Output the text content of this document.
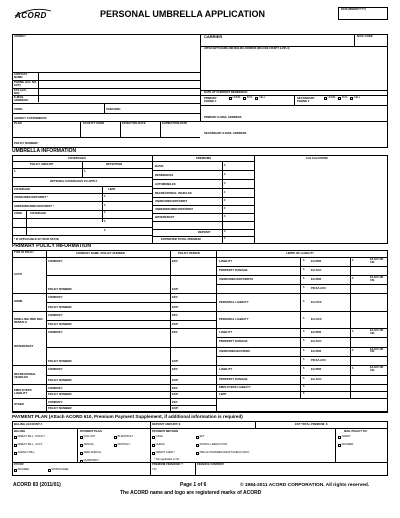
ACORD	PERSONAL UMBRELLA APPLICATION	DATE (MM/DD/YYYY)
AGENCY
CONTACT NAME:
PHONE (A/C, NO, EXT):
FAX (A/C, NO):
E-MAIL ADDRESS:
CODE:	SUBCODE:
AGENCY CUSTOMER ID:
PLAN	FACILITY CODE	EFFECTIVE DATE	EXPIRATION DATE
POLICY NUMBER:
CARRIER	NAIC CODE
APPLICANT'S NAME AND MAILING ADDRESS (INCLUDE COUNTY & ZIP+4)
DATE AT CURRENT RESIDENCE:
PRIMARY PHONE #
HOME	BUS	CELL	SECONDARY PHONE #
HOME	BUS	CELL
PRIMARY E-MAIL ADDRESS
SECONDARY E-MAIL ADDRESS
UMBRELLA INFORMATION
COVERAGES	PREMIUMS	CALCULATIONS
POLICY AMOUNT	RETENTION
$	$
OPTIONAL COVERAGES TO APPLY
COVERAGE	LIMIT
UNINSURED MOTORIST *	$
UNDERINSURED MOTORIST *	$
CODE	COVERAGE	$
$
$
* IF APPLICABLE IN YOUR STATE
BASIC	$
RESIDENCES	$
AUTOMOBILES	$
RECREATIONAL VEHICLES	$
UNINSURED MOTORIST	$
UNDERINSURED MOTORIST	$
WATERCRAFT	$
DEPOSIT	$
ESTIMATED TOTAL PREMIUM	$
PRIMARY POLICY INFORMATION
TYPE OF POLICY	COMPANY NAME / POLICY NUMBER	POLICY PERIOD	LIMITS OF LIABILITY
AUTO
COMPANY:
POLICY NUMBER:
EFF:
EXP:
LIABILITY	$ EA PER	$	EA ACC OR CSL
PROPERTY DAMAGE	$ EA ACC
UNINSURED MOTORISTS	$ EA PER	$	EA ACC OR CSL
$ PD EA ACC
HOME
COMPANY:
POLICY NUMBER:
EFF:
EXP:
PERSONAL LIABILITY	$ EA OCC
DWELLING FIRE INCL RENTALS
COMPANY:
POLICY NUMBER:
EFF:
EXP:
PERSONAL LIABILITY	$ EA OCC
WATERCRAFT
COMPANY:
POLICY NUMBER:
EFF:
EXP:
LIABILITY	$ EA PER	$	EA ACC OR CSL
PROPERTY DAMAGE	$ EA ACC
UNINSURED BOATERS	$ EA PER	$	EA ACC OR CSL
$ PD EA ACC
RECREATIONAL VEHICLES
COMPANY:
POLICY NUMBER:
EFF:
EXP:
LIABILITY	$ EA PER	$	EA ACC OR CSL
PROPERTY DAMAGE	$ EA ACC
EMPLOYERS LIABILITY
COMPANY:
POLICY NUMBER:
EFF:
EXP:
EMPLOYERS LIABILITY	$
LIMIT	$
OTHER	COMPANY:
POLICY NUMBER:
EFF:
EXP:
PAYMENT PLAN (Attach ACORD 610, Premium Payment Supplement, if additional information is required)
BILLING ACCOUNT #	DEPOSIT AMOUNT: $	EST TOTAL PREMIUM: $
BILLING	PAYMENT PLAN	PAYMENT METHOD	MAIL POLICY TO:
DIRECT BILL - POLICY
DIRECT BILL - ACCT
AGENCY BILL
FULL PAY
ANNUAL
SEMI-ANNUAL
QUARTERLY
BI-MONTHLY
MONTHLY
CASH
CHECK
CREDIT CARD *
* Not applicable in NC
EFT
PAYROLL DEDUCTION
PRE-AUTHORIZED DRAFT/CHECK (PAC)
AGENT
INSURED
PAYOR
INSURED	MORTGAGEE
PREMIUM FINANCED ?
Y/N
FINANCE COMPANY
ACORD 83 (2011/01)	Page 1 of 6	© 1984-2011 ACORD CORPORATION. All rights reserved.
The ACORD name and logo are registered marks of ACORD
